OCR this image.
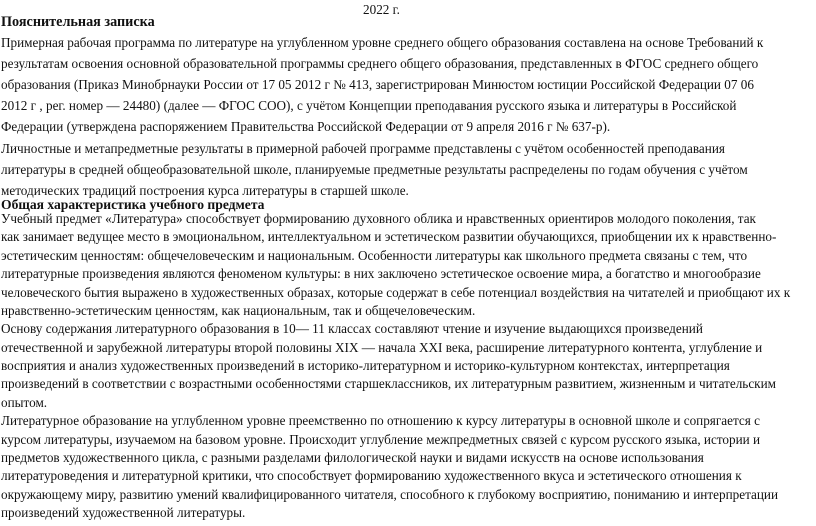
2022 г.
Пояснительная записка
Примерная рабочая программа по литературе на углубленном уровне среднего общего образования составлена на основе Требований к
результатам освоения основной образовательной программы среднего общего образования, представленных в ФГОС среднего общего
образования (Приказ Минобрнауки России от 17 05 2012 г № 413, зарегистрирован Минюстом юстиции Российской Федерации 07 06
2012 г , рег. номер — 24480) (далее — ФГОС СОО), с учётом Концепции преподавания русского языка и литературы в Российской
Федерации (утверждена распоряжением Правительства Российской Федерации от 9 апреля 2016 г № 637-р).
Личностные и метапредметные результаты в примерной рабочей программе представлены с учётом особенностей преподавания
литературы в средней общеобразовательной школе, планируемые предметные результаты распределены по годам обучения с учётом
методических традиций построения курса литературы в старшей школе.
Общая характеристика учебного предмета
Учебный предмет «Литература» способствует формированию духовного облика и нравственных ориентиров молодого поколения, так
как занимает ведущее место в эмоциональном, интеллектуальном и эстетическом развитии обучающихся, приобщении их к нравственно-
эстетическим ценностям: общечеловеческим и национальным. Особенности литературы как школьного предмета связаны с тем, что
литературные произведения являются феноменом культуры: в них заключено эстетическое освоение мира, а богатство и многообразие
человеческого бытия выражено в художественных образах, которые содержат в себе потенциал воздействия на читателей и приобщают их к
нравственно-эстетическим ценностям, как национальным, так и общечеловеческим.
Основу содержания литературного образования в 10— 11 классах составляют чтение и изучение выдающихся произведений
отечественной и зарубежной литературы второй половины XIX — начала XXI века, расширение литературного контента, углубление и
восприятия и анализ художественных произведений в историко-литературном и историко-культурном контекстах, интерпретация
произведений в соответствии с возрастными особенностями старшеклассников, их литературным развитием, жизненным и читательским
опытом.
Литературное образование на углубленном уровне преемственно по отношению к курсу литературы в основной школе и сопрягается с
курсом литературы, изучаемом на базовом уровне. Происходит углубление межпредметных связей с курсом русского языка, истории и
предметов художественного цикла, с разными разделами филологической науки и видами искусств на основе использования
литературоведения и литературной критики, что способствует формированию художественного вкуса и эстетического отношения к
окружающему миру, развитию умений квалифицированного читателя, способного к глубокому восприятию, пониманию и интерпретации
произведений художественной литературы.
